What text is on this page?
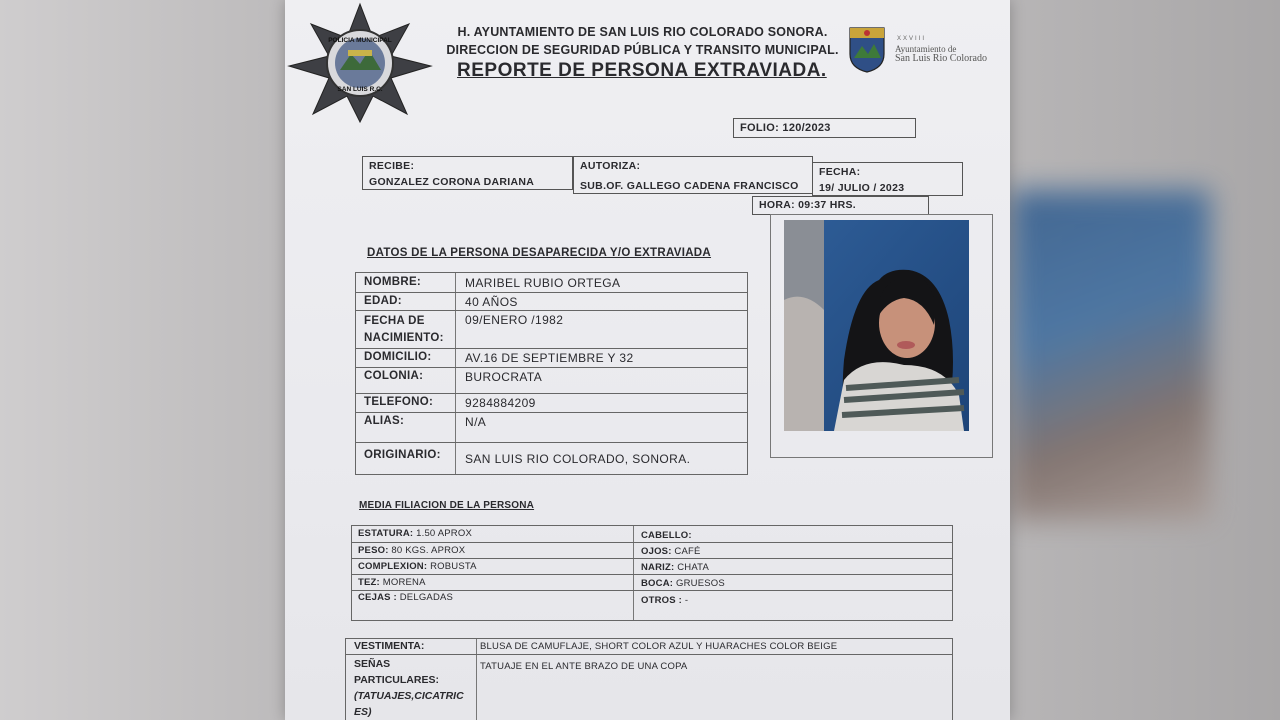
POLICIA MUNICIPAL
SAN LUIS R.C.
H. AYUNTAMIENTO DE SAN LUIS RIO COLORADO SONORA.
DIRECCION DE SEGURIDAD PÚBLICA Y TRANSITO MUNICIPAL.
REPORTE DE PERSONA EXTRAVIADA.
XXVIII
Ayuntamiento de
San Luis Rio Colorado
FOLIO: 120/2023
RECIBE:
GONZALEZ CORONA DARIANA
AUTORIZA:
SUB.OF. GALLEGO CADENA FRANCISCO
FECHA:
19/ JULIO / 2023
HORA: 09:37 HRS.
DATOS DE LA PERSONA DESAPARECIDA Y/O EXTRAVIADA
NOMBRE:	MARIBEL RUBIO ORTEGA
EDAD:	40 AÑOS
FECHA DE NACIMIENTO:
09/ENERO /1982
DOMICILIO:	AV.16 DE SEPTIEMBRE Y 32
COLONIA:	BUROCRATA
TELEFONO:	9284884209
ALIAS:	N/A
ORIGINARIO: SAN LUIS RIO COLORADO, SONORA.
MEDIA FILIACION DE LA PERSONA
ESTATURA: 1.50 APROX	CABELLO:
PESO: 80 KGS. APROX	OJOS: CAFÉ
COMPLEXION: ROBUSTA	NARIZ: CHATA
TEZ: MORENA	BOCA: GRUESOS
CEJAS : DELGADAS	OTROS : -
VESTIMENTA:	BLUSA DE CAMUFLAJE, SHORT COLOR AZUL Y HUARACHES COLOR BEIGE
SEÑAS
PARTICULARES:
(TATUAJES,CICATRIC
ES)
TATUAJE EN EL ANTE BRAZO DE UNA COPA
